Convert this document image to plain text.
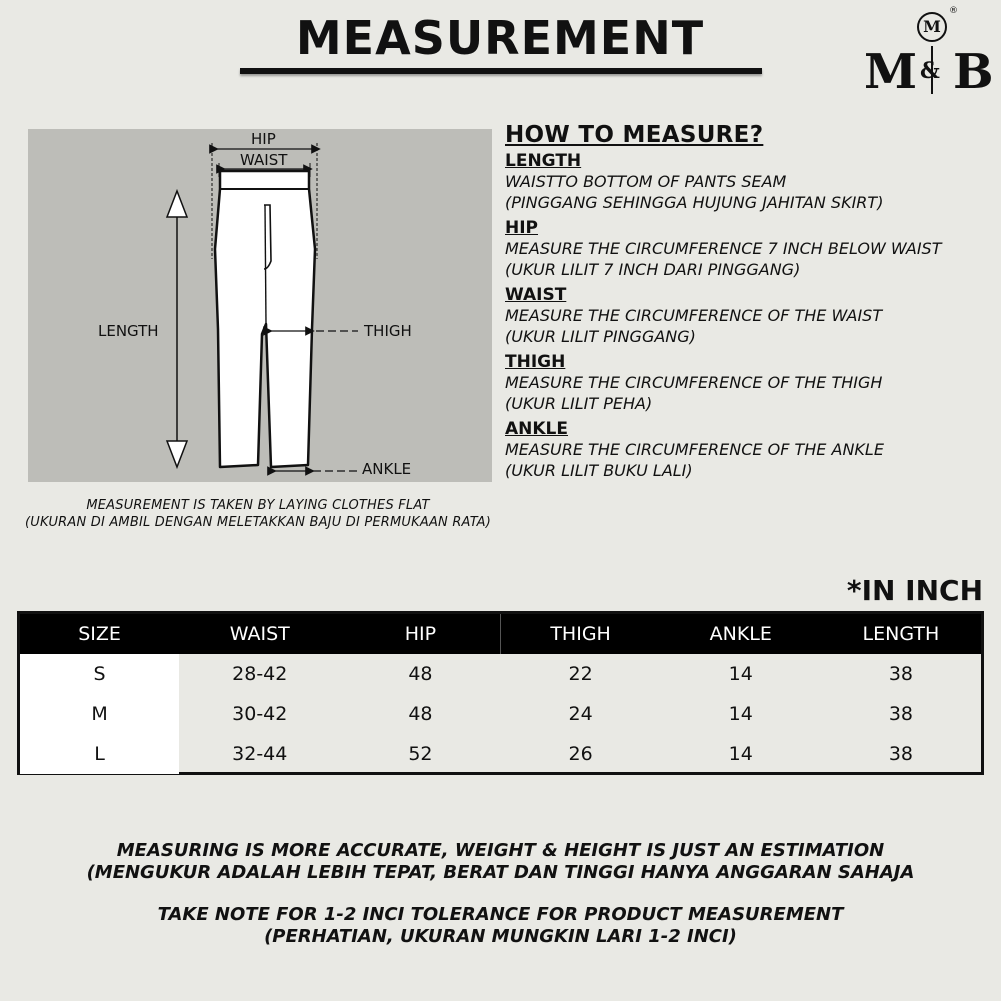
MEASUREMENT	M
®
M & B
HIP
WAIST
LENGTH	THIGH
ANKLE
MEASUREMENT IS TAKEN BY LAYING CLOTHES FLAT
(UKURAN DI AMBIL DENGAN MELETAKKAN BAJU DI PERMUKAAN RATA)
HOW TO MEASURE?
LENGTH
WAISTTO BOTTOM OF PANTS SEAM
(PINGGANG SEHINGGA HUJUNG JAHITAN SKIRT)
HIP
MEASURE THE CIRCUMFERENCE 7 INCH BELOW WAIST
(UKUR LILIT 7 INCH DARI PINGGANG)
WAIST
MEASURE THE CIRCUMFERENCE OF THE WAIST
(UKUR LILIT PINGGANG)
THIGH
MEASURE THE CIRCUMFERENCE OF THE THIGH
(UKUR LILIT PEHA)
ANKLE
MEASURE THE CIRCUMFERENCE OF THE ANKLE
(UKUR LILIT BUKU LALI)
*IN INCH
SIZE	WAIST	HIP	THIGH	ANKLE	LENGTH
S	28-42	48	22	14	38
M	30-42	48	24	14	38
L	32-44	52	26	14	38
MEASURING IS MORE ACCURATE, WEIGHT & HEIGHT IS JUST AN ESTIMATION
(MENGUKUR ADALAH LEBIH TEPAT, BERAT DAN TINGGI HANYA ANGGARAN SAHAJA
TAKE NOTE FOR 1-2 INCI TOLERANCE FOR PRODUCT MEASUREMENT
(PERHATIAN, UKURAN MUNGKIN LARI 1-2 INCI)
